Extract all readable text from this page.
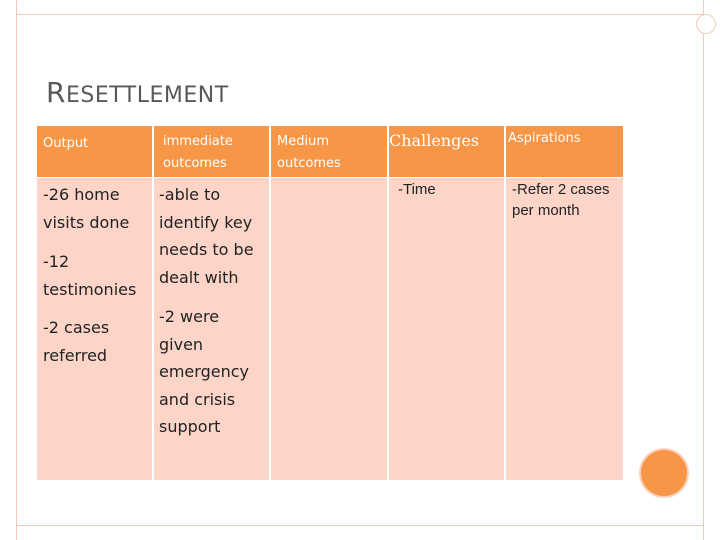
RESETTLEMENT
Output	immediate outcomes
Medium outcomes
Challenges Aspirations
-26 home visits done
-12 testimonies
-2 cases referred
-able to identify key needs to be dealt with
-2 were given emergency and crisis support
-Time	-Refer 2 cases per month
